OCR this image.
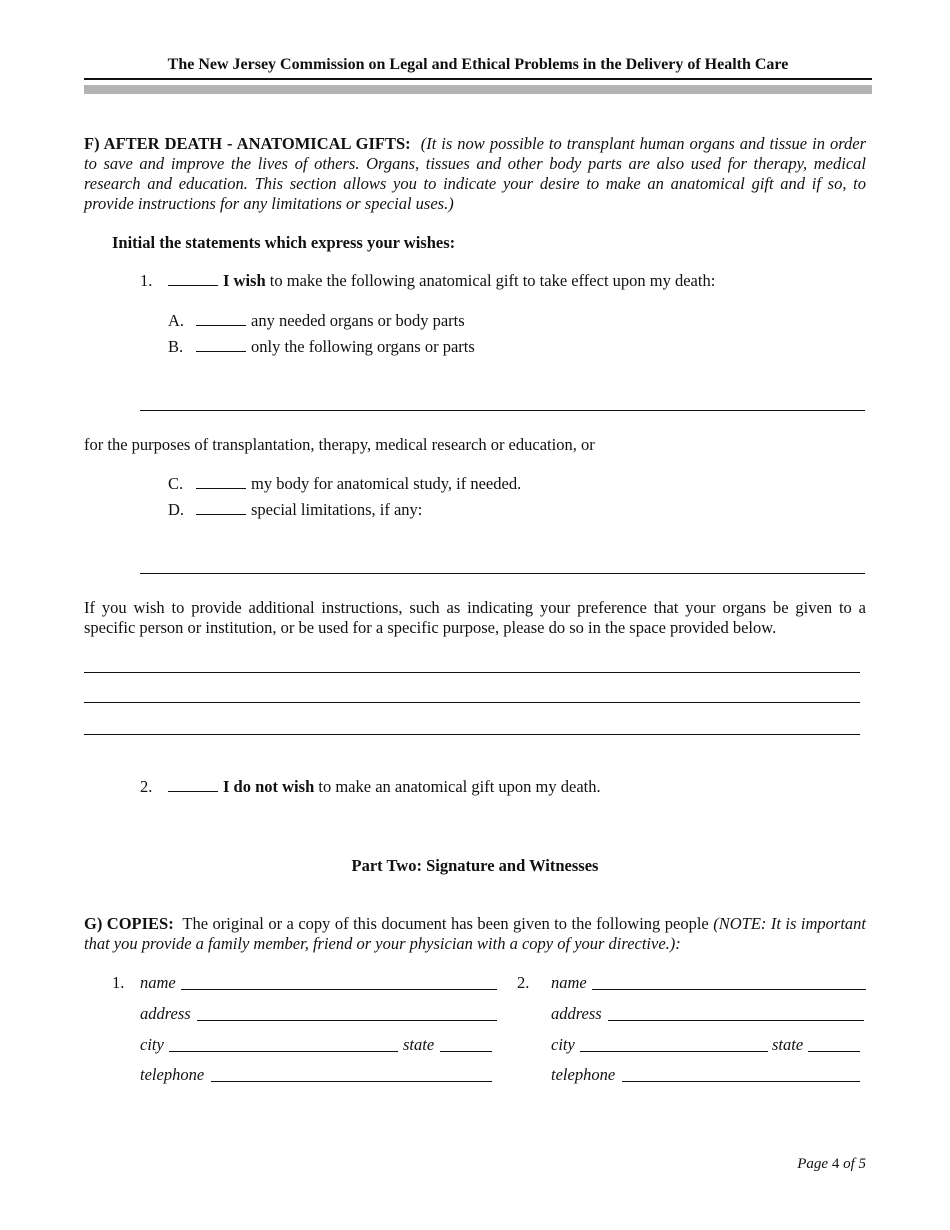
The New Jersey Commission on Legal and Ethical Problems in the Delivery of Health Care
F) AFTER DEATH - ANATOMICAL GIFTS: (It is now possible to transplant human organs and tissue in order to save and improve the lives of others. Organs, tissues and other body parts are also used for therapy, medical research and education. This section allows you to indicate your desire to make an anatomical gift and if so, to provide instructions for any limitations or special uses.)
Initial the statements which express your wishes:
1.	I wish to make the following anatomical gift to take effect upon my death:
A.	any needed organs or body parts
B.	only the following organs or parts
for the purposes of transplantation, therapy, medical research or education, or
C.	my body for anatomical study, if needed.
D.	special limitations, if any:
If you wish to provide additional instructions, such as indicating your preference that your organs be given to a specific person or institution, or be used for a specific purpose, please do so in the space provided below.
2.	I do not wish to make an anatomical gift upon my death.
Part Two: Signature and Witnesses
G) COPIES: The original or a copy of this document has been given to the following people (NOTE: It is important that you provide a family member, friend or your physician with a copy of your directive.):
1. name
address
city	state
telephone
2. name
address
city	state
telephone
Page 4 of 5
